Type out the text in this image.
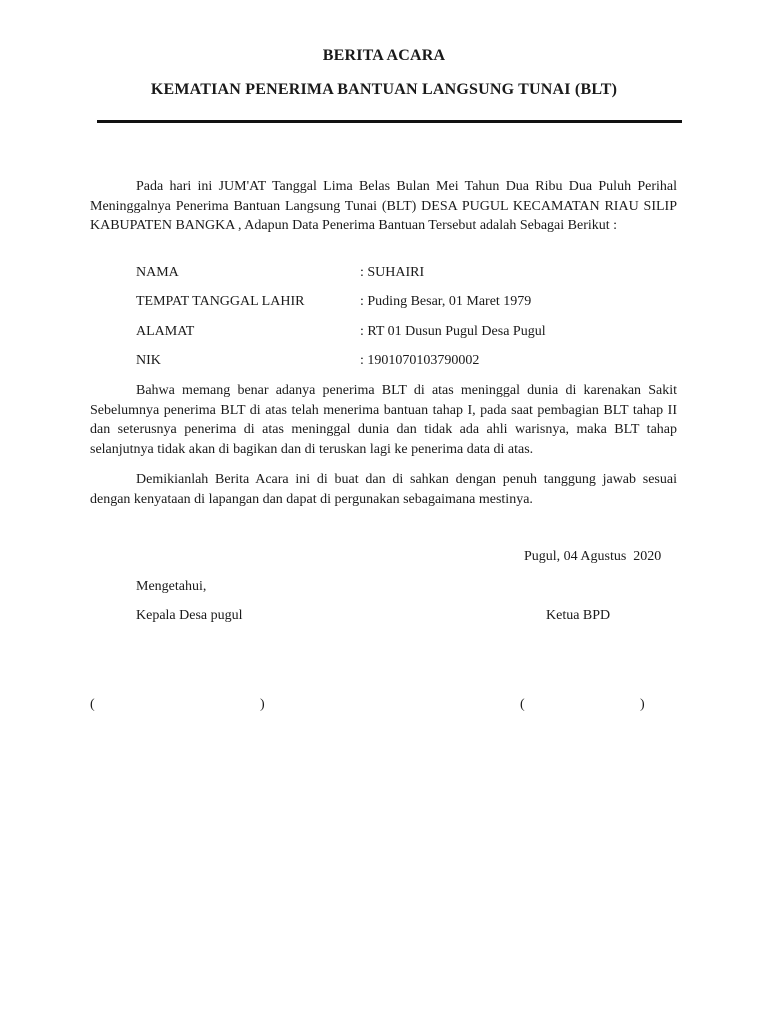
BERITA ACARA
KEMATIAN PENERIMA BANTUAN LANGSUNG TUNAI (BLT)

Pada hari ini JUM'AT Tanggal Lima Belas Bulan Mei Tahun Dua Ribu Dua Puluh Perihal Meninggalnya Penerima Bantuan Langsung Tunai (BLT) DESA PUGUL KECAMATAN RIAU SILIP KABUPATEN BANGKA , Adapun Data Penerima Bantuan Tersebut adalah Sebagai Berikut :

NAMA	: SUHAIRI
TEMPAT TANGGAL LAHIR	: Puding Besar, 01 Maret 1979
ALAMAT	: RT 01 Dusun Pugul Desa Pugul
NIK	: 1901070103790002

Bahwa memang benar adanya penerima BLT di atas meninggal dunia di karenakan Sakit Sebelumnya penerima BLT di atas telah menerima bantuan tahap I, pada saat pembagian BLT tahap II dan seterusnya penerima di atas meninggal dunia dan tidak ada ahli warisnya, maka BLT tahap selanjutnya tidak akan di bagikan dan di teruskan lagi ke penerima data di atas.

Demikianlah Berita Acara ini di buat dan di sahkan dengan penuh tanggung jawab sesuai dengan kenyataan di lapangan dan dapat di pergunakan sebagaimana mestinya.

Pugul, 04 Agustus  2020
Mengetahui,
Kepala Desa pugul	Ketua BPD
(	)	(	)
